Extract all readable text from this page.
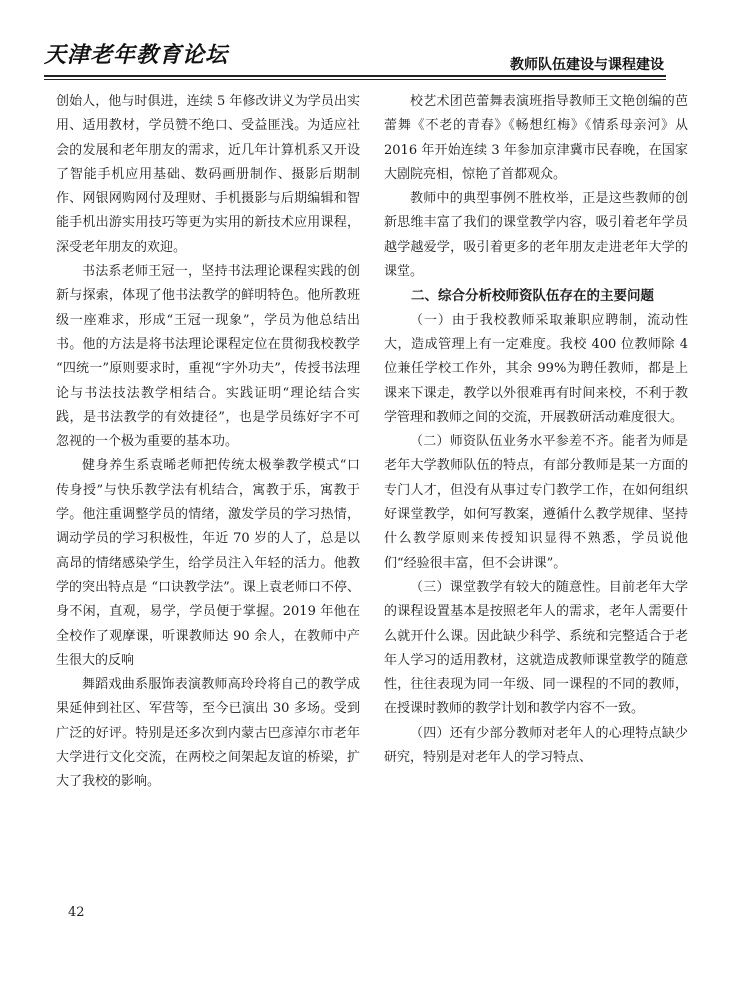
天津老年教育论坛	教师队伍建设与课程建设

创始人，他与时俱进，连续 5 年修改讲义为学员出实用、适用教材，学员赞不绝口、受益匪浅。为适应社会的发展和老年朋友的需求，近几年计算机系又开设了智能手机应用基础、数码画册制作、摄影后期制作、网银网购网付及理财、手机摄影与后期编辑和智能手机出游实用技巧等更为实用的新技术应用课程，深受老年朋友的欢迎。

书法系老师王冠一，坚持书法理论课程实践的创新与探索，体现了他书法教学的鲜明特色。他所教班级一座难求，形成“王冠一现象”，学员为他总结出书。他的方法是将书法理论课程定位在贯彻我校教学 “四统一”原则要求时，重视“字外功夫”，传授书法理论与书法技法教学相结合。实践证明“理论结合实践，是书法教学的有效捷径”，也是学员练好字不可忽视的一个极为重要的基本功。

健身养生系袁晞老师把传统太极拳教学模式“口传身授”与快乐教学法有机结合，寓教于乐，寓教于学。他注重调整学员的情绪，激发学员的学习热情，调动学员的学习积极性，年近 70 岁的人了，总是以高昂的情绪感染学生，给学员注入年轻的活力。他教学的突出特点是 “口诀教学法”。课上袁老师口不停、身不闲，直观，易学，学员便于掌握。2019 年他在全校作了观摩课，听课教师达 90 余人，在教师中产生很大的反响

舞蹈戏曲系服饰表演教师高玲玲将自己的教学成果延伸到社区、军营等，至今已演出 30 多场。受到广泛的好评。特别是还多次到内蒙古巴彦淖尔市老年大学进行文化交流，在两校之间架起友谊的桥梁，扩大了我校的影响。

校艺术团芭蕾舞表演班指导教师王文艳创编的芭蕾舞《不老的青春》《畅想红梅》《情系母亲河》从 2016 年开始连续 3 年参加京津冀市民春晚，在国家大剧院亮相，惊艳了首都观众。

教师中的典型事例不胜枚举，正是这些教师的创新思维丰富了我们的课堂教学内容，吸引着老年学员越学越爱学，吸引着更多的老年朋友走进老年大学的课堂。

二、综合分析校师资队伍存在的主要问题

（一）由于我校教师采取兼职应聘制，流动性大，造成管理上有一定难度。我校 400 位教师除 4 位兼任学校工作外，其余 99%为聘任教师，都是上课来下课走，教学以外很难再有时间来校，不利于教学管理和教师之间的交流，开展教研活动难度很大。

（二）师资队伍业务水平参差不齐。能者为师是老年大学教师队伍的特点，有部分教师是某一方面的专门人才，但没有从事过专门教学工作，在如何组织好课堂教学，如何写教案，遵循什么教学规律、坚持什么教学原则来传授知识显得不熟悉，学员说他们“经验很丰富，但不会讲课”。

（三）课堂教学有较大的随意性。目前老年大学的课程设置基本是按照老年人的需求，老年人需要什么就开什么课。因此缺少科学、系统和完整适合于老年人学习的适用教材，这就造成教师课堂教学的随意性，往往表现为同一年级、同一课程的不同的教师，在授课时教师的教学计划和教学内容不一致。

（四）还有少部分教师对老年人的心理特点缺少研究，特别是对老年人的学习特点、

42
